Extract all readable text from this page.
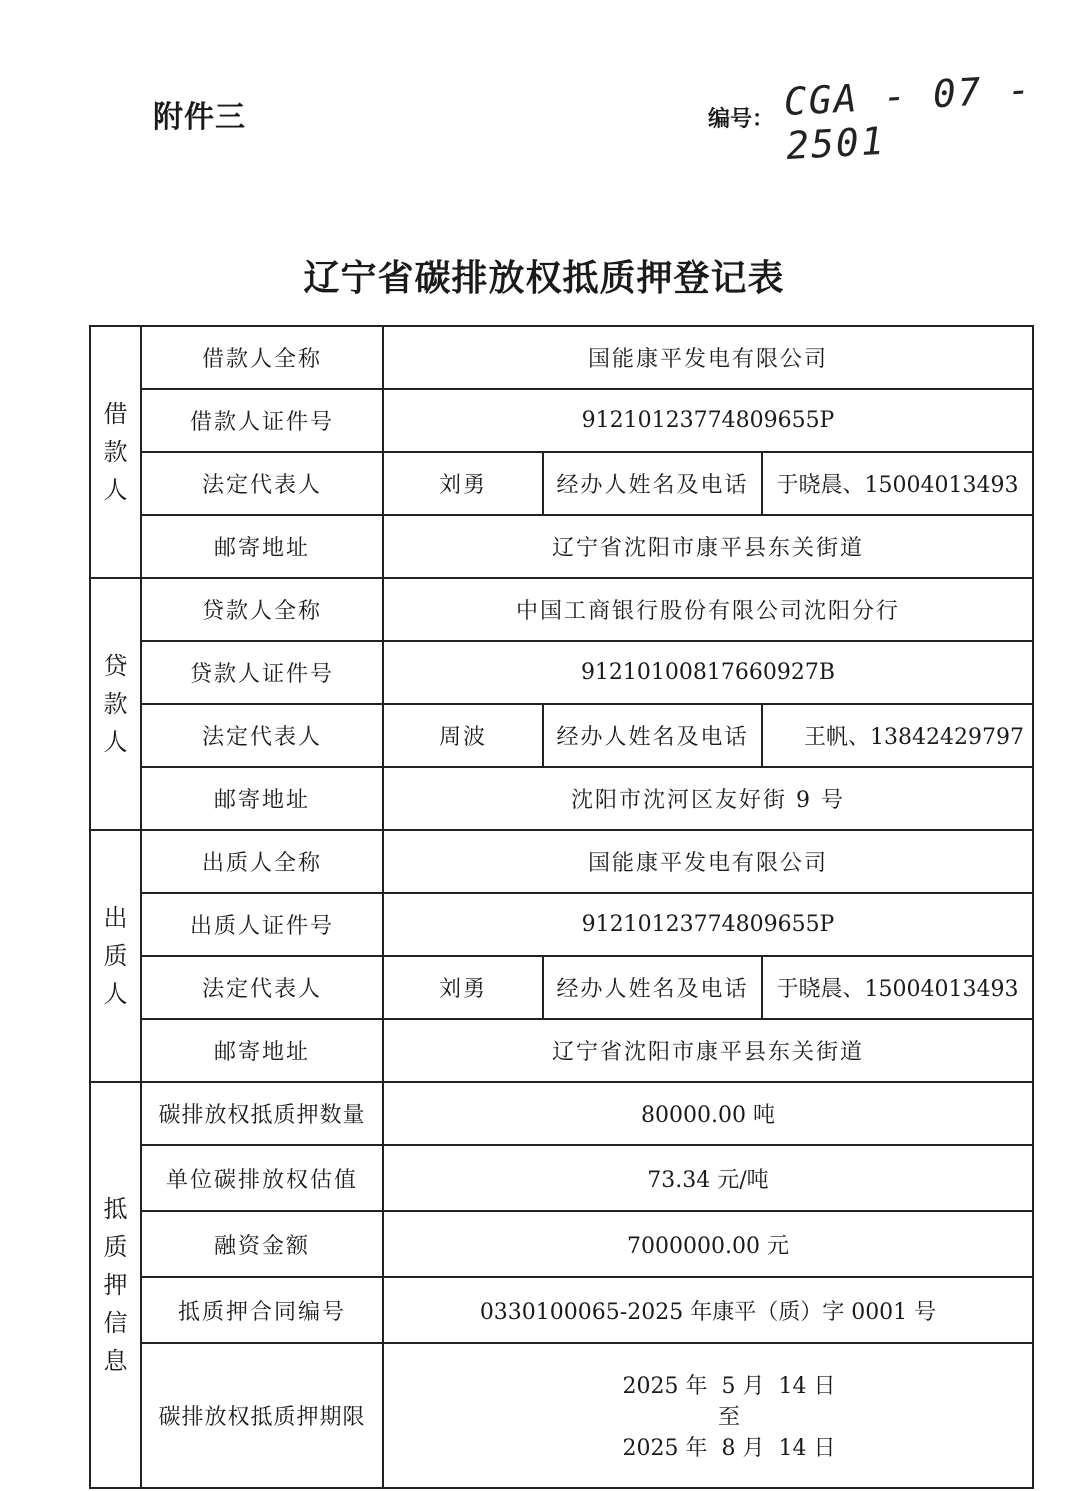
附件三	编号： CGA - 07 - 2501
辽宁省碳排放权抵质押登记表
借
款
人	借款人全称	国能康平发电有限公司		
	借款人证件号	91210123774809655P		
	法定代表人	刘勇	经办人姓名及电话	于晓晨、15004013493
	邮寄地址	辽宁省沈阳市康平县东关街道		

贷
款
人	贷款人全称	中国工商银行股份有限公司沈阳分行		
	贷款人证件号	91210100817660927B		
	法定代表人	周波	经办人姓名及电话	王帆、13842429797
	邮寄地址	沈阳市沈河区友好街 9 号		

出
质
人	出质人全称	国能康平发电有限公司		
	出质人证件号	91210123774809655P		
	法定代表人	刘勇	经办人姓名及电话	于晓晨、15004013493
	邮寄地址	辽宁省沈阳市康平县东关街道		

抵
质
押
信
息	碳排放权抵质押数量	80000.00 吨		
	单位碳排放权估值	73.34 元/吨		
	融资金额	7000000.00 元		
	抵质押合同编号	0330100065-2025 年康平（质）字 0001 号		
	碳排放权抵质押期限	2025 年  5 月  14 日
至
2025 年  8 月  14 日		
